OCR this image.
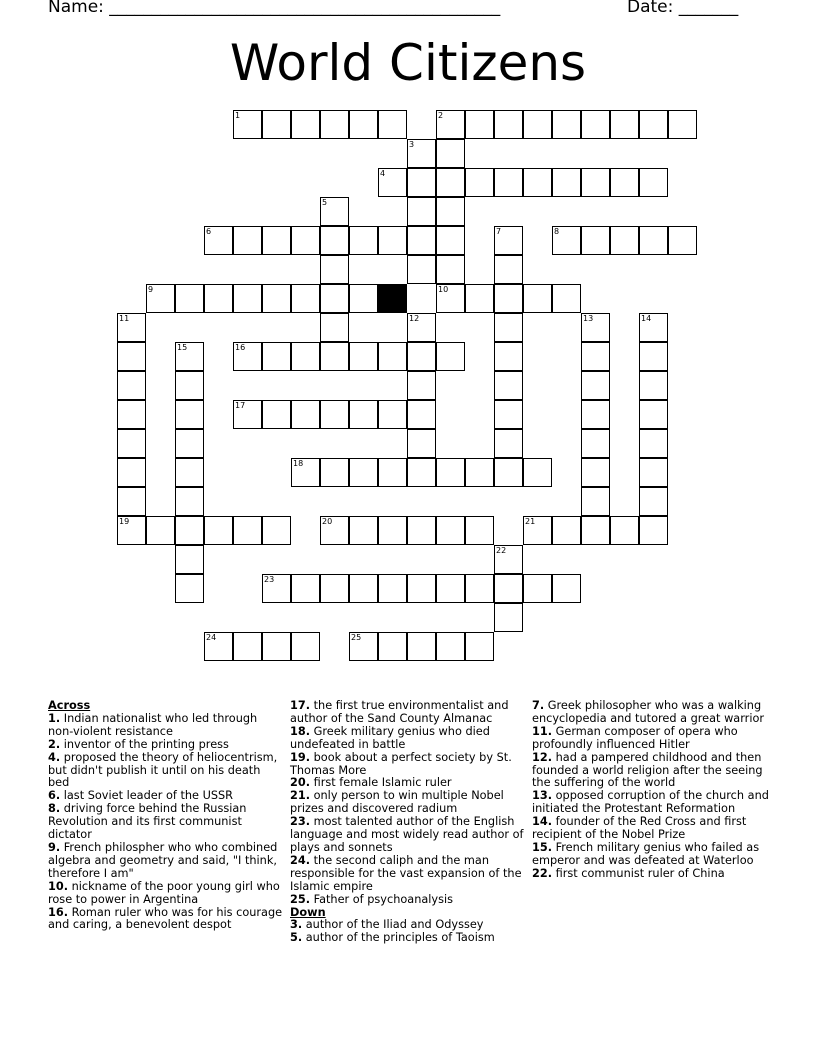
Name: ______________________________________________	Date: _______
World Citizens
1	2
4
6	8
9	10
16
17
18
19	20	21
23
24	25
3
5
7
11	12	13	14
15
22

Across

1. Indian nationalist who led through non-violent resistance

2. inventor of the printing press

4. proposed the theory of heliocentrism, but didn't publish it until on his death bed

6. last Soviet leader of the USSR

8. driving force behind the Russian Revolution and its first communist dictator

9. French philospher who who combined algebra and geometry and said, "I think, therefore I am"

10. nickname of the poor young girl who rose to power in Argentina

16. Roman ruler who was for his courage and caring, a benevolent despot

17. the first true environmentalist and author of the Sand County Almanac

18. Greek military genius who died undefeated in battle

19. book about a perfect society by St. Thomas More

20. first female Islamic ruler

21. only person to win multiple Nobel prizes and discovered radium

23. most talented author of the English language and most widely read author of plays and sonnets

24. the second caliph and the man responsible for the vast expansion of the Islamic empire

25. Father of psychoanalysis

Down

3. author of the Iliad and Odyssey

5. author of the principles of Taoism

7. Greek philosopher who was a walking encyclopedia and tutored a great warrior

11. German composer of opera who profoundly influenced Hitler

12. had a pampered childhood and then founded a world religion after the seeing the suffering of the world

13. opposed corruption of the church and initiated the Protestant Reformation

14. founder of the Red Cross and first recipient of the Nobel Prize

15. French military genius who failed as emperor and was defeated at Waterloo

22. first communist ruler of China
